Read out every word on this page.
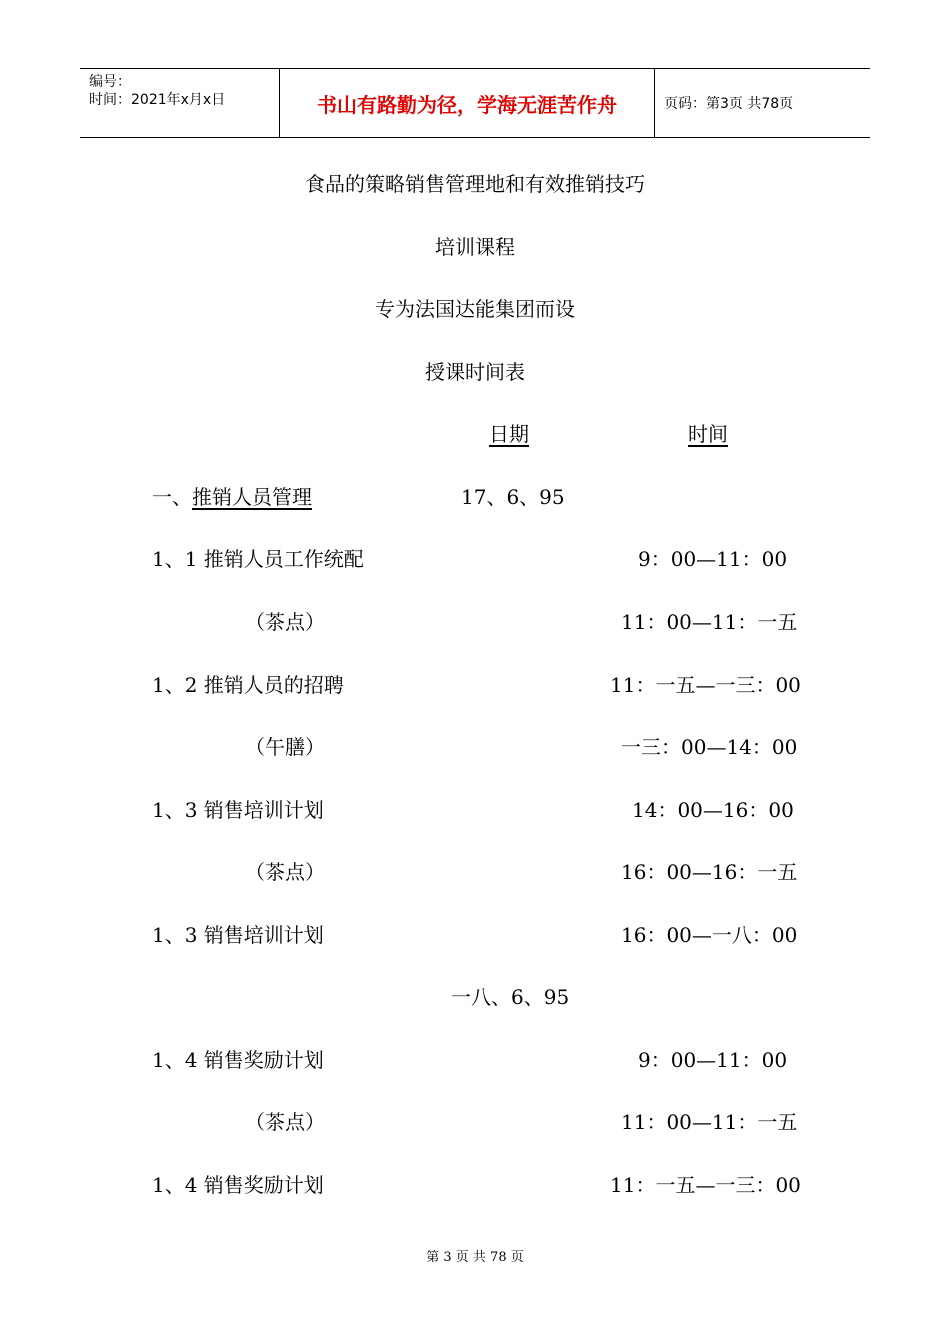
编号：
时间：2021年x月x日	书山有路勤为径，学海无涯苦作舟	页码：第3页 共78页
食品的策略销售管理地和有效推销技巧
培训课程
专为法国达能集团而设
授课时间表
日期	时间
一、推销人员管理	17、6、95
1、1 推销人员工作统配	9：00—11：00
（茶点）	11：00—11：一五
1、2 推销人员的招聘	11：一五—一三：00
（午膳）	一三：00—14：00
1、3 销售培训计划	14：00—16：00
（茶点）	16：00—16：一五
1、3 销售培训计划	16：00—一八：00
一八、6、95
1、4 销售奖励计划	9：00—11：00
（茶点）	11：00—11：一五
1、4 销售奖励计划	11：一五—一三：00
第 3 页 共 78 页
